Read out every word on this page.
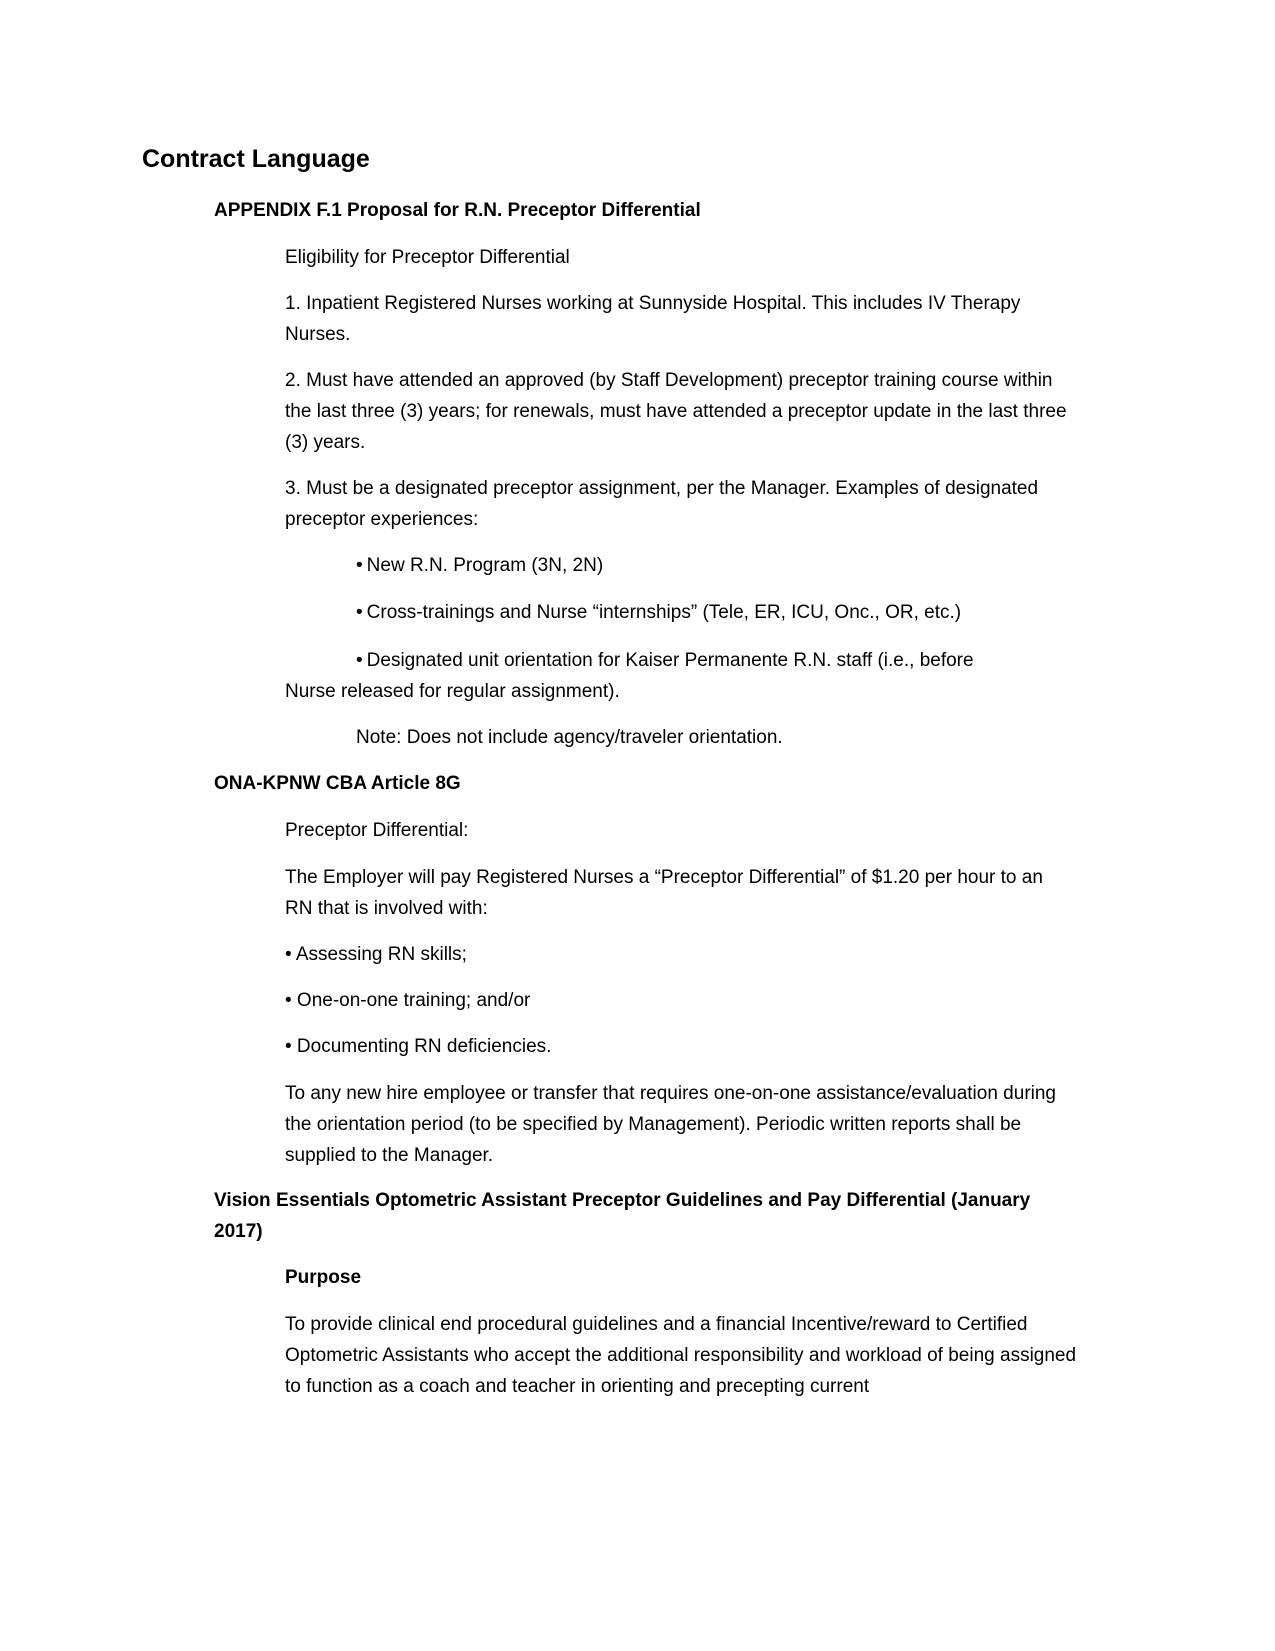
Contract Language
APPENDIX F.1 Proposal for R.N. Preceptor Differential
Eligibility for Preceptor Differential
1. Inpatient Registered Nurses working at Sunnyside Hospital. This includes IV Therapy Nurses.
2. Must have attended an approved (by Staff Development) preceptor training course within the last three (3) years; for renewals, must have attended a preceptor update in the last three (3) years.
3. Must be a designated preceptor assignment, per the Manager. Examples of designated preceptor experiences:
• New R.N. Program (3N, 2N)
• Cross-trainings and Nurse “internships” (Tele, ER, ICU, Onc., OR, etc.)
• Designated unit orientation for Kaiser Permanente R.N. staff (i.e., before
Nurse released for regular assignment).
Note: Does not include agency/traveler orientation.
ONA-KPNW CBA Article 8G
Preceptor Differential:
The Employer will pay Registered Nurses a “Preceptor Differential” of $1.20 per hour to an RN that is involved with:
• Assessing RN skills;
• One-on-one training; and/or
• Documenting RN deficiencies.
To any new hire employee or transfer that requires one-on-one assistance/evaluation during the orientation period (to be specified by Management). Periodic written reports shall be supplied to the Manager.
Vision Essentials Optometric Assistant Preceptor Guidelines and Pay Differential (January 2017)
Purpose
To provide clinical end procedural guidelines and a financial Incentive/reward to Certified Optometric Assistants who accept the additional responsibility and workload of being assigned to function as a coach and teacher in orienting and precepting current
